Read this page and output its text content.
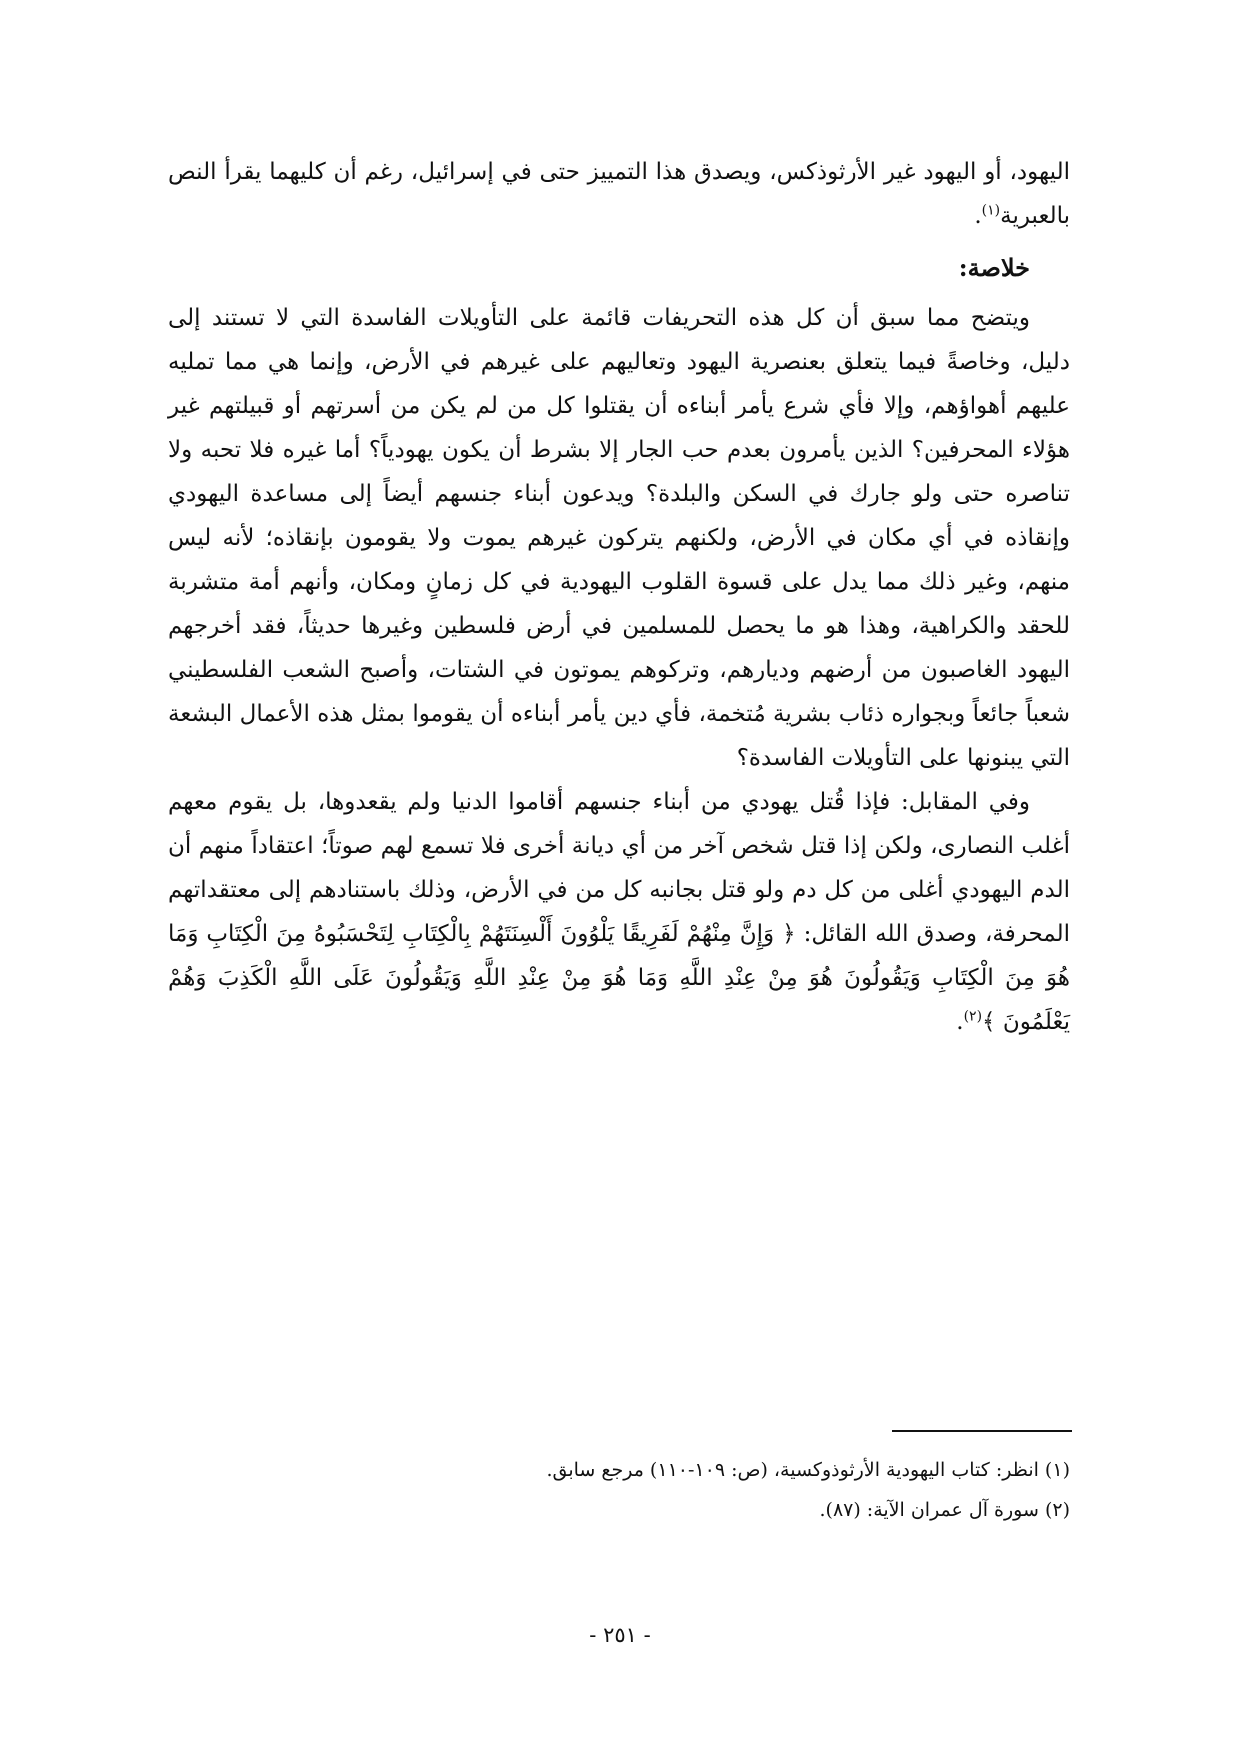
اليهود، أو اليهود غير الأرثوذكس، ويصدق هذا التمييز حتى في إسرائيل، رغم أن كليهما يقرأ النص بالعبرية$^{(١)}$.

خلاصة:

ويتضح مما سبق أن كل هذه التحريفات قائمة على التأويلات الفاسدة التي لا تستند إلى دليل، وخاصةً فيما يتعلق بعنصرية اليهود وتعاليهم على غيرهم في الأرض، وإنما هي مما تمليه عليهم أهواؤهم، وإلا فأي شرع يأمر أبناءه أن يقتلوا كل من لم يكن من أسرتهم أو قبيلتهم غير هؤلاء المحرفين؟ الذين يأمرون بعدم حب الجار إلا بشرط أن يكون يهودياً؟ أما غيره فلا تحبه ولا تناصره حتى ولو جارك في السكن والبلدة؟ ويدعون أبناء جنسهم أيضاً إلى مساعدة اليهودي وإنقاذه في أي مكان في الأرض، ولكنهم يتركون غيرهم يموت ولا يقومون بإنقاذه؛ لأنه ليس منهم، وغير ذلك مما يدل على قسوة القلوب اليهودية في كل زمانٍ ومكان، وأنهم أمة متشربة للحقد والكراهية، وهذا هو ما يحصل للمسلمين في أرض فلسطين وغيرها حديثاً، فقد أخرجهم اليهود الغاصبون من أرضهم وديارهم، وتركوهم يموتون في الشتات، وأصبح الشعب الفلسطيني شعباً جائعاً وبجواره ذئاب بشرية مُتخمة، فأي دين يأمر أبناءه أن يقوموا بمثل هذه الأعمال البشعة التي يبنونها على التأويلات الفاسدة؟

وفي المقابل: فإذا قُتل يهودي من أبناء جنسهم أقاموا الدنيا ولم يقعدوها، بل يقوم معهم أغلب النصارى، ولكن إذا قتل شخص آخر من أي ديانة أخرى فلا تسمع لهم صوتاً؛ اعتقاداً منهم أن الدم اليهودي أغلى من كل دم ولو قتل بجانبه كل من في الأرض، وذلك باستنادهم إلى معتقداتهم المحرفة، وصدق الله القائل: ﴿ وَإِنَّ مِنْهُمْ لَفَرِيقًا يَلْوُونَ أَلْسِنَتَهُمْ بِالْكِتَابِ لِتَحْسَبُوهُ مِنَ الْكِتَابِ وَمَا هُوَ مِنَ الْكِتَابِ وَيَقُولُونَ هُوَ مِنْ عِنْدِ اللَّهِ وَمَا هُوَ مِنْ عِنْدِ اللَّهِ وَيَقُولُونَ عَلَى اللَّهِ الْكَذِبَ وَهُمْ يَعْلَمُونَ ﴾$^{(٢)}$.

(١) انظر: كتاب اليهودية الأرثوذوكسية، (ص: ١٠٩-١١٠) مرجع سابق.

(٢) سورة آل عمران الآية: (٨٧).

- ٢٥١ -
